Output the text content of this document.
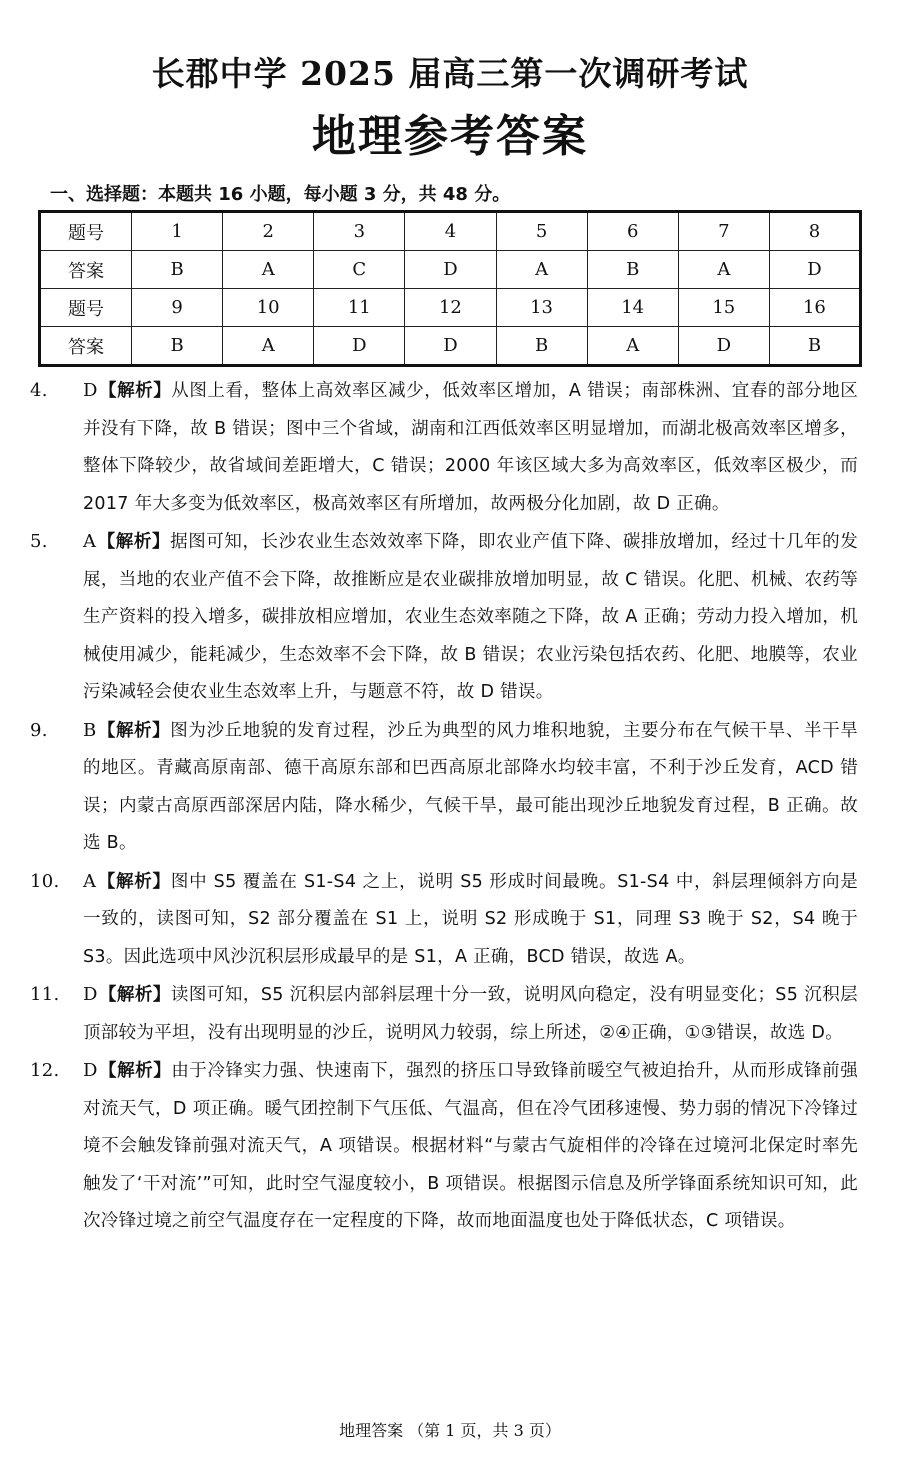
长郡中学 2025 届高三第一次调研考试
地理参考答案
一、选择题：本题共 16 小题，每小题 3 分，共 48 分。
题号	1	2	3	4	5	6	7	8
答案	B	A	C	D	A	B	A	D
题号	9	10	11	12	13	14	15	16
答案	B	A	D	D	B	A	D	B
4. D【解析】从图上看，整体上高效率区减少，低效率区增加，A 错误；南部株洲、宜春的部分地区并没有下降，故 B 错误；图中三个省域，湖南和江西低效率区明显增加，而湖北极高效率区增多，整体下降较少，故省域间差距增大，C 错误；2000 年该区域大多为高效率区，低效率区极少，而 2017 年大多变为低效率区，极高效率区有所增加，故两极分化加剧，故 D 正确。
5. A【解析】据图可知，长沙农业生态效效率下降，即农业产值下降、碳排放增加，经过十几年的发展，当地的农业产值不会下降，故推断应是农业碳排放增加明显，故 C 错误。化肥、机械、农药等生产资料的投入增多，碳排放相应增加，农业生态效率随之下降，故 A 正确；劳动力投入增加，机械使用减少，能耗减少，生态效率不会下降，故 B 错误；农业污染包括农药、化肥、地膜等，农业污染减轻会使农业生态效率上升，与题意不符，故 D 错误。
9. B【解析】图为沙丘地貌的发育过程，沙丘为典型的风力堆积地貌，主要分布在气候干旱、半干旱的地区。青藏高原南部、德干高原东部和巴西高原北部降水均较丰富，不利于沙丘发育，ACD 错误；内蒙古高原西部深居内陆，降水稀少，气候干旱，最可能出现沙丘地貌发育过程，B 正确。故选 B。
10. A【解析】图中 S5 覆盖在 S1-S4 之上，说明 S5 形成时间最晚。S1-S4 中，斜层理倾斜方向是一致的，读图可知，S2 部分覆盖在 S1 上，说明 S2 形成晚于 S1，同理 S3 晚于 S2，S4 晚于 S3。因此选项中风沙沉积层形成最早的是 S1，A 正确，BCD 错误，故选 A。
11. D【解析】读图可知，S5 沉积层内部斜层理十分一致，说明风向稳定，没有明显变化；S5 沉积层顶部较为平坦，没有出现明显的沙丘，说明风力较弱，综上所述，②④正确，①③错误，故选 D。
12. D【解析】由于冷锋实力强、快速南下，强烈的挤压口导致锋前暖空气被迫抬升，从而形成锋前强对流天气，D 项正确。暖气团控制下气压低、气温高，但在冷气团移速慢、势力弱的情况下冷锋过境不会触发锋前强对流天气，A 项错误。根据材料“与蒙古气旋相伴的冷锋在过境河北保定时率先触发了‘干对流’”可知，此时空气湿度较小，B 项错误。根据图示信息及所学锋面系统知识可知，此次冷锋过境之前空气温度存在一定程度的下降，故而地面温度也处于降低状态，C 项错误。
地理答案 （第 1 页，共 3 页）
